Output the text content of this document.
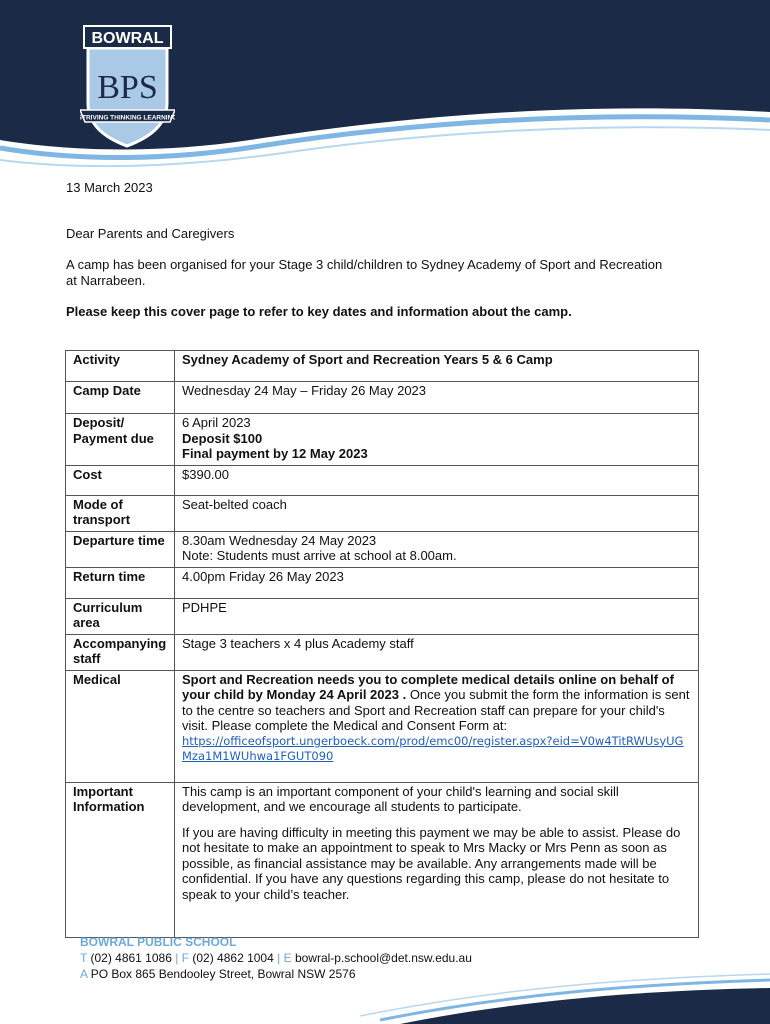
BOWRAL
BPS
STRIVING THINKING LEARNING

13 March 2023

Dear Parents and Caregivers

A camp has been organised for your Stage 3 child/children to Sydney Academy of Sport and Recreation at Narrabeen.

Please keep this cover page to refer to key dates and information about the camp.

Activity	Sydney Academy of Sport and Recreation Years 5 & 6 Camp
Camp Date	Wednesday 24 May – Friday 26 May 2023
Deposit/ Payment due	6 April 2023
Deposit $100
Final payment by 12 May 2023

Cost	$390.00
Mode of transport	Seat-belted coach
Departure time	8.30am Wednesday 24 May 2023
Note: Students must arrive at school at 8.00am.

Return time	4.00pm Friday 26 May 2023
Curriculum area	PDHPE
Accompanying staff	Stage 3 teachers x 4 plus Academy staff
Medical	Sport and Recreation needs you to complete medical details online on behalf of your child by Monday 24 April 2023 . Once you submit the form the information is sent to the centre so teachers and Sport and Recreation staff can prepare for your child's visit. Please complete the Medical and Consent Form at:
https://officeofsport.ungerboeck.com/prod/emc00/register.aspx?eid=V0w4TitRWUsyUGMza1M1WUhwa1FGUT090

Important Information	This camp is an important component of your child's learning and social skill development, and we encourage all students to participate.
If you are having difficulty in meeting this payment we may be able to assist. Please do not hesitate to make an appointment to speak to Mrs Macky or Mrs Penn as soon as possible, as financial assistance may be available. Any arrangements made will be confidential. If you have any questions regarding this camp, please do not hesitate to speak to your child’s teacher.
BOWRAL PUBLIC SCHOOL
T (02) 4861 1086 | F (02) 4862 1004 | E bowral-p.school@det.nsw.edu.au
A PO Box 865 Bendooley Street, Bowral NSW 2576
